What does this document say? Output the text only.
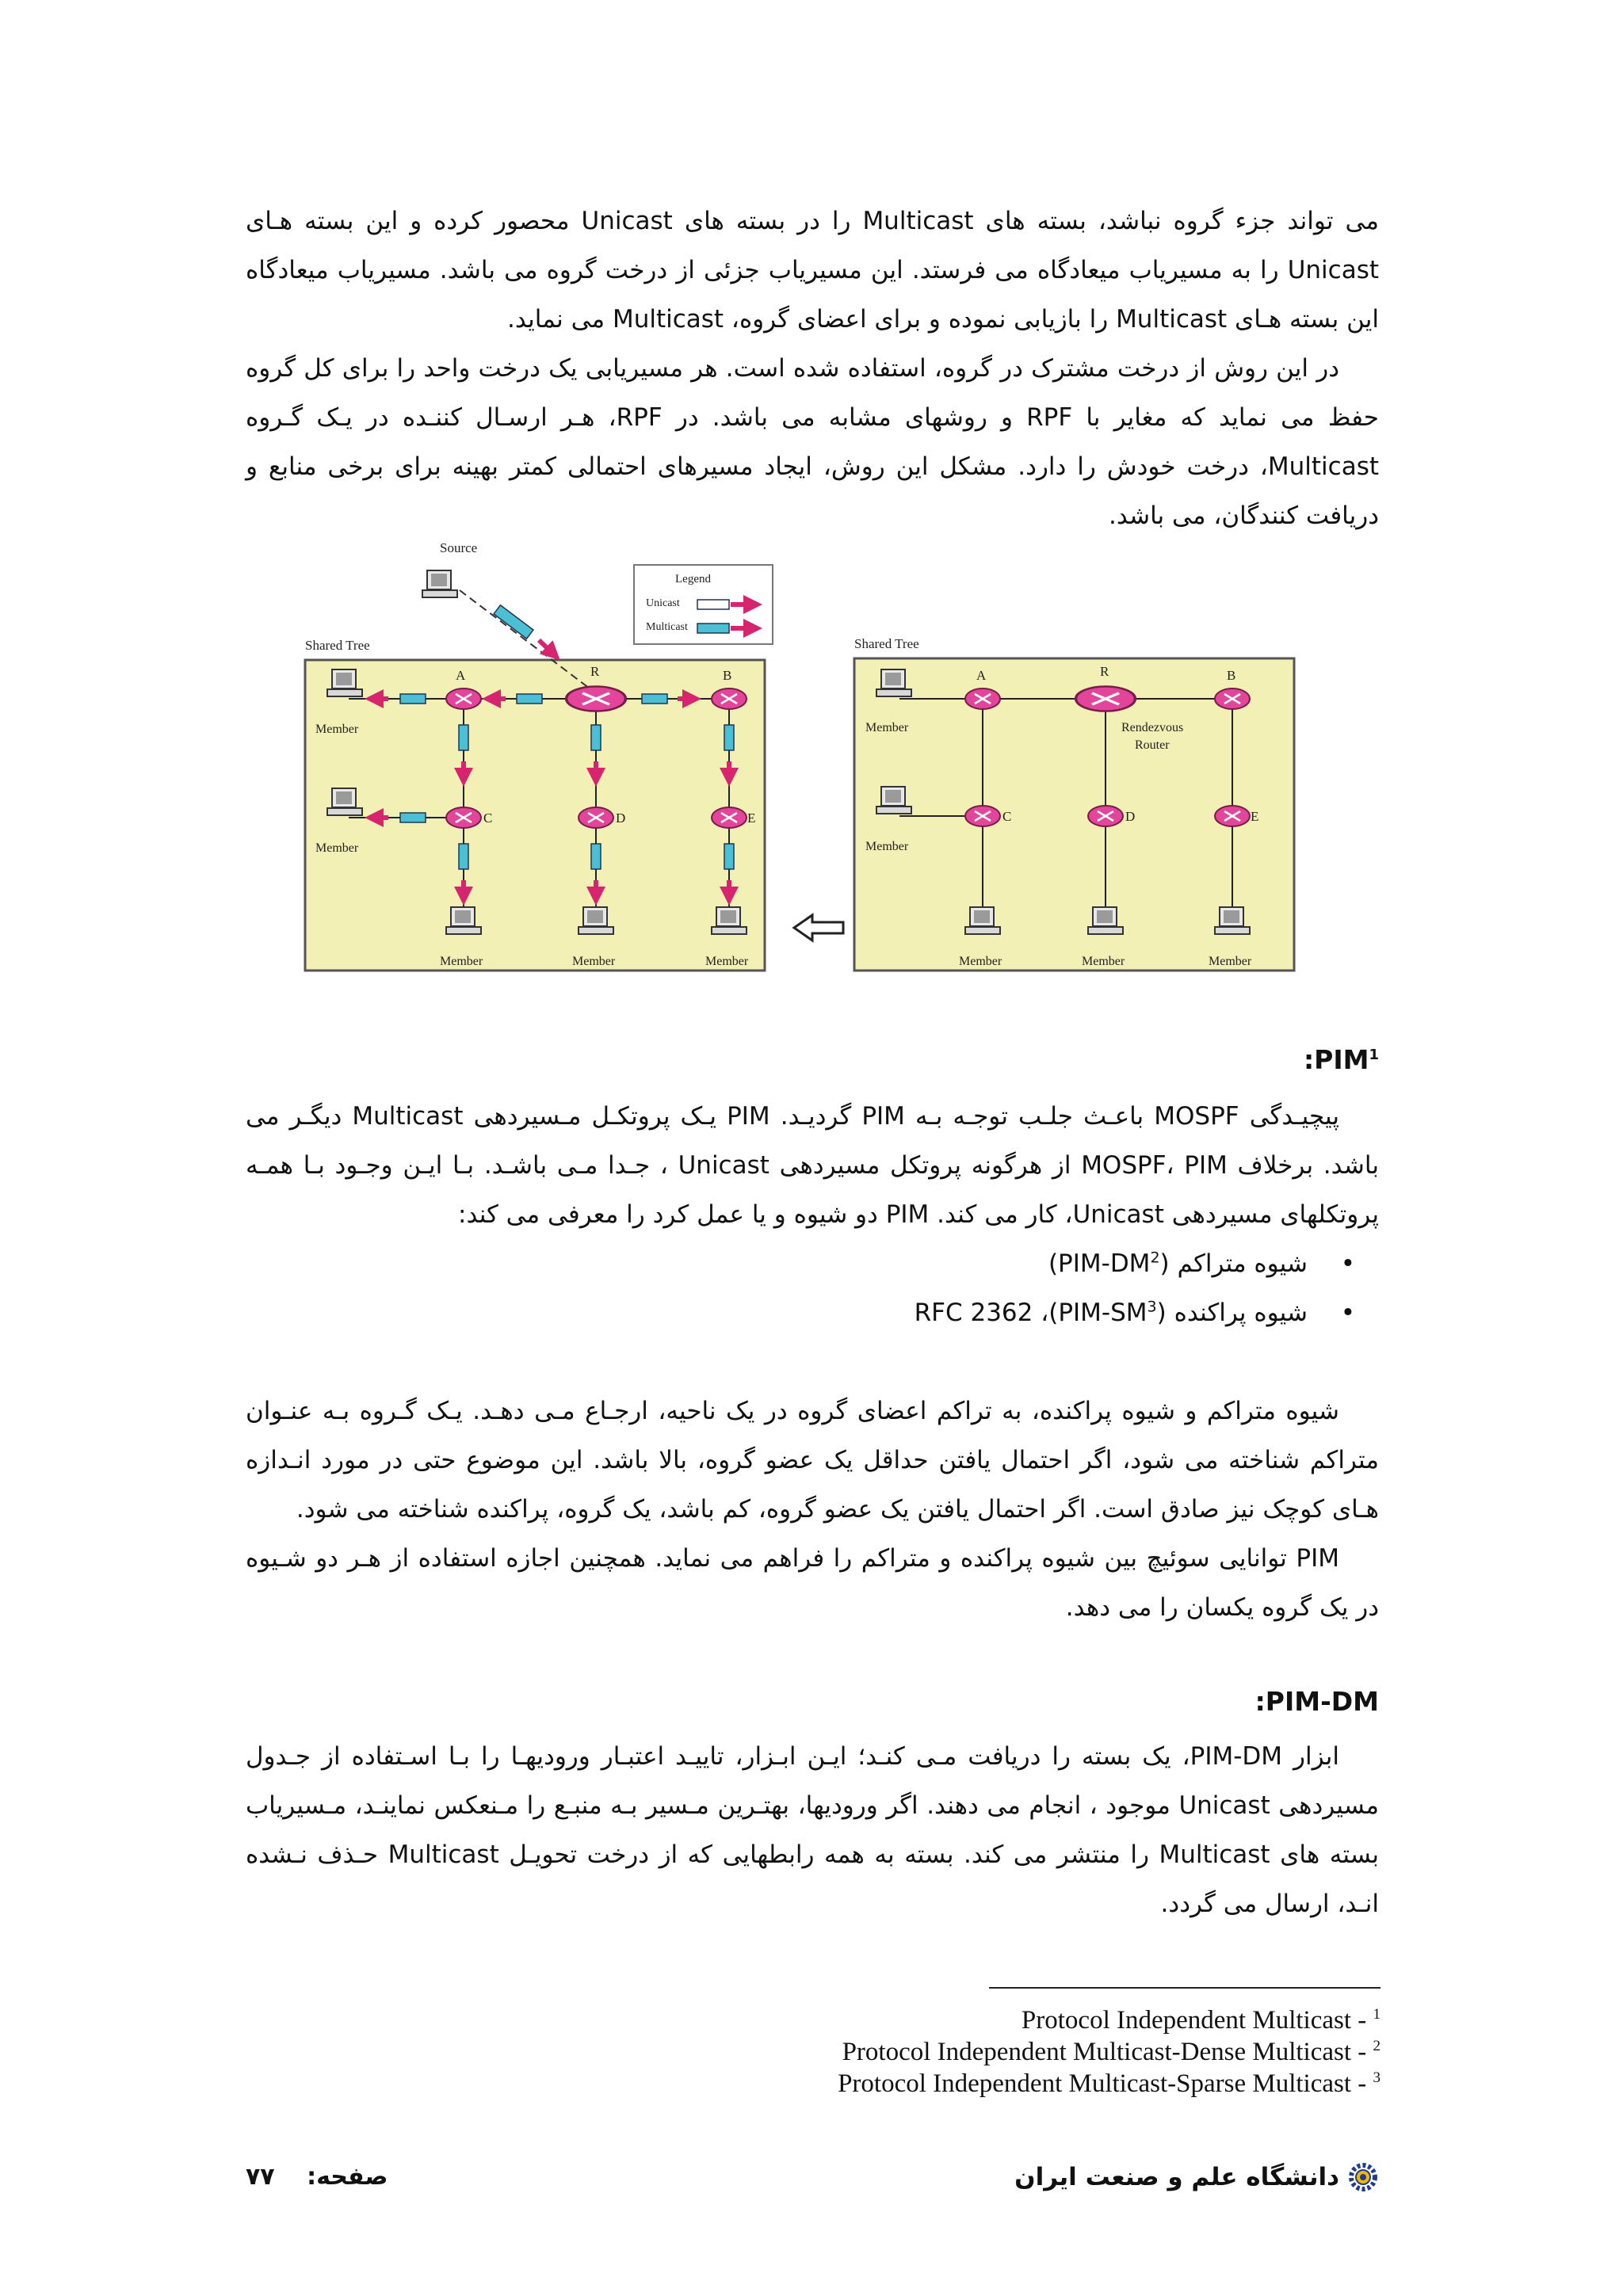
می تواند جزء گروه نباشد، بسته های Multicast را در بسته های Unicast محصور کرده و این بسته هـای Unicast را به مسیریاب میعادگاه می فرستد. این مسیریاب جزئی از درخت گروه می باشد. مسیریاب میعادگاه این بسته هـای Multicast را بازیابی نموده و برای اعضای گروه، Multicast می نماید.

در این روش از درخت مشترک در گروه، استفاده شده است. هر مسیریابی یک درخت واحد را برای کل گروه حفظ می نماید که مغایر با RPF و روشهای مشابه می باشد. در RPF، هـر ارسـال کننـده در یـک گـروه Multicast، درخت خودش را دارد. مشکل این روش، ایجاد مسیرهای احتمالی کمتر بهینه برای برخی منابع و دریافت کنندگان، می باشد.

Shared Tree
Source
Legend
Unicast
Multicast
A	R	B
C	D	E
Member
Member
Member	Member	Member
Shared Tree
A	R	B
C	D	E
Rendezvous
Router
Member
Member
Member	Member	Member
PIM$^1$:

پیچیـدگی MOSPF باعـث جلـب توجـه بـه PIM گردیـد. PIM یـک پروتکـل مـسیردهی Multicast دیگـر می باشد. برخلاف MOSPF، PIM از هرگونه پروتکل مسیردهی Unicast ، جـدا مـی باشـد. بـا ایـن وجـود بـا همـه پروتکلهای مسیردهی Unicast، کار می کند. PIM دو شیوه و یا عمل کرد را معرفی می کند:

• شیوه متراکم $(PIM-DM^2)$
• شیوه پراکنده $(PIM-SM^3)،$ RFC 2362

شیوه متراکم و شیوه پراکنده، به تراکم اعضای گروه در یک ناحیه، ارجـاع مـی دهـد. یـک گـروه بـه عنـوان متراکم شناخته می شود، اگر احتمال یافتن حداقل یک عضو گروه، بالا باشد. این موضوع حتی در مورد انـدازه هـای کوچک نیز صادق است. اگر احتمال یافتن یک عضو گروه، کم باشد، یک گروه، پراکنده شناخته می شود.

PIM توانایی سوئیچ بین شیوه پراکنده و متراکم را فراهم می نماید. همچنین اجازه استفاده از هـر دو شـیوه در یک گروه یکسان را می دهد.

PIM-DM:

ابزار PIM-DM، یک بسته را دریافت مـی کنـد؛ ایـن ابـزار، تاییـد اعتبـار ورودیهـا را بـا اسـتفاده از جـدول مسیردهی Unicast موجود ، انجام می دهند. اگر ورودیها، بهتـرین مـسیر بـه منبـع را مـنعکس نماینـد، مـسیریاب بسته های Multicast را منتشر می کند. بسته به همه رابطهایی که از درخت تحویـل Multicast حـذف نـشده انـد، ارسال می گردد.

Protocol Independent Multicast - $^1$
Protocol Independent Multicast-Dense Multicast - $^2$
Protocol Independent Multicast-Sparse Multicast - $^3$
دانشگاه علم و صنعت ایران
صفحه: ۷۷
